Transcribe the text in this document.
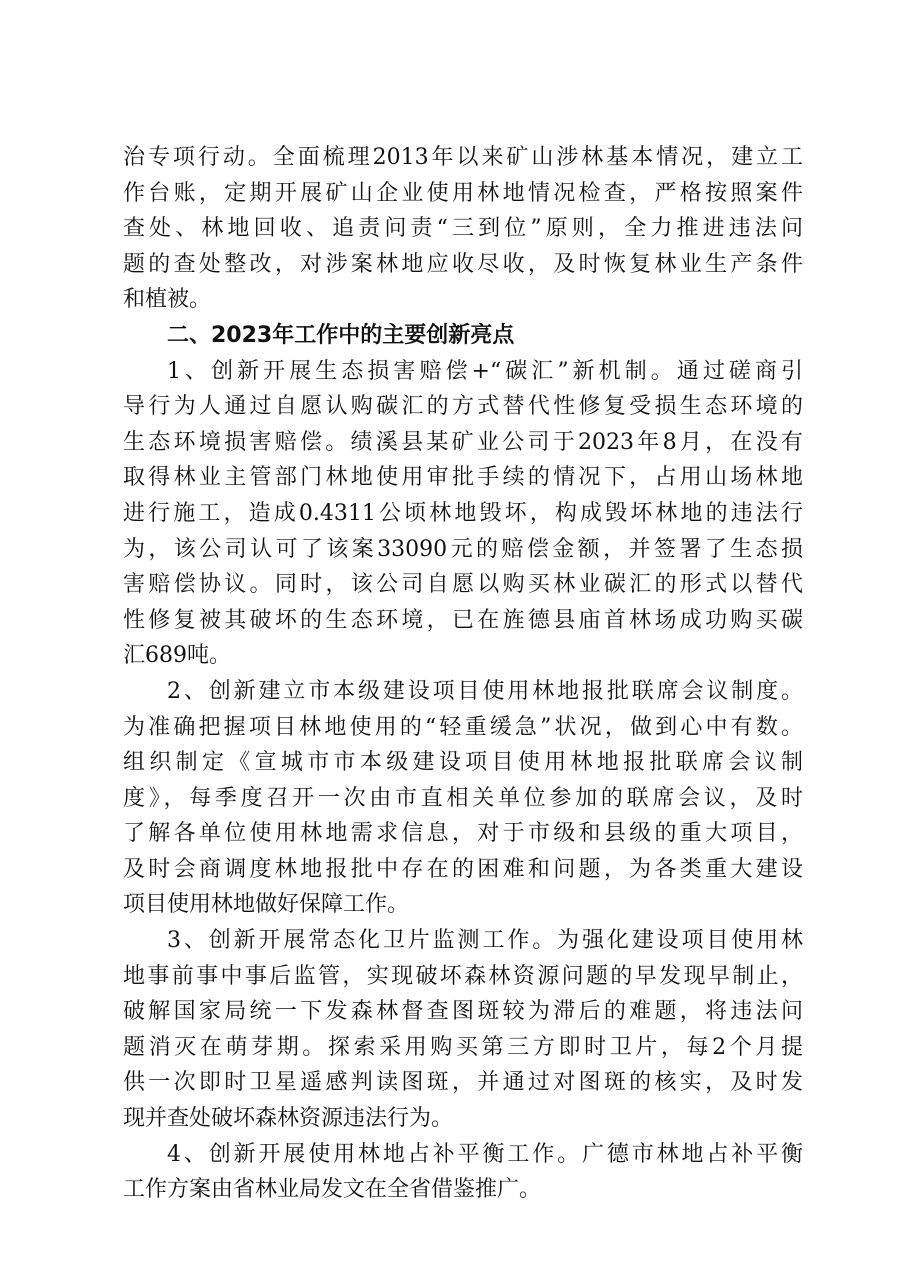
治专项行动。全面梳理2013年以来矿山涉林基本情况，建立工
作台账，定期开展矿山企业使用林地情况检查，严格按照案件
查处、林地回收、追责问责“三到位”原则，全力推进违法问
题的查处整改，对涉案林地应收尽收，及时恢复林业生产条件
和植被。
二、2023年工作中的主要创新亮点
1、创新开展生态损害赔偿+“碳汇”新机制。通过磋商引
导行为人通过自愿认购碳汇的方式替代性修复受损生态环境的
生态环境损害赔偿。绩溪县某矿业公司于2023年8月，在没有
取得林业主管部门林地使用审批手续的情况下，占用山场林地
进行施工，造成0.4311公顷林地毁坏，构成毁坏林地的违法行
为，该公司认可了该案33090元的赔偿金额，并签署了生态损
害赔偿协议。同时，该公司自愿以购买林业碳汇的形式以替代
性修复被其破坏的生态环境，已在旌德县庙首林场成功购买碳
汇689吨。
2、创新建立市本级建设项目使用林地报批联席会议制度。
为准确把握项目林地使用的“轻重缓急”状况，做到心中有数。
组织制定《宣城市市本级建设项目使用林地报批联席会议制
度》，每季度召开一次由市直相关单位参加的联席会议，及时
了解各单位使用林地需求信息，对于市级和县级的重大项目，
及时会商调度林地报批中存在的困难和问题，为各类重大建设
项目使用林地做好保障工作。
3、创新开展常态化卫片监测工作。为强化建设项目使用林
地事前事中事后监管，实现破坏森林资源问题的早发现早制止，
破解国家局统一下发森林督查图斑较为滞后的难题，将违法问
题消灭在萌芽期。探索采用购买第三方即时卫片，每2个月提
供一次即时卫星遥感判读图斑，并通过对图斑的核实，及时发
现并查处破坏森林资源违法行为。
4、创新开展使用林地占补平衡工作。广德市林地占补平衡
工作方案由省林业局发文在全省借鉴推广。
